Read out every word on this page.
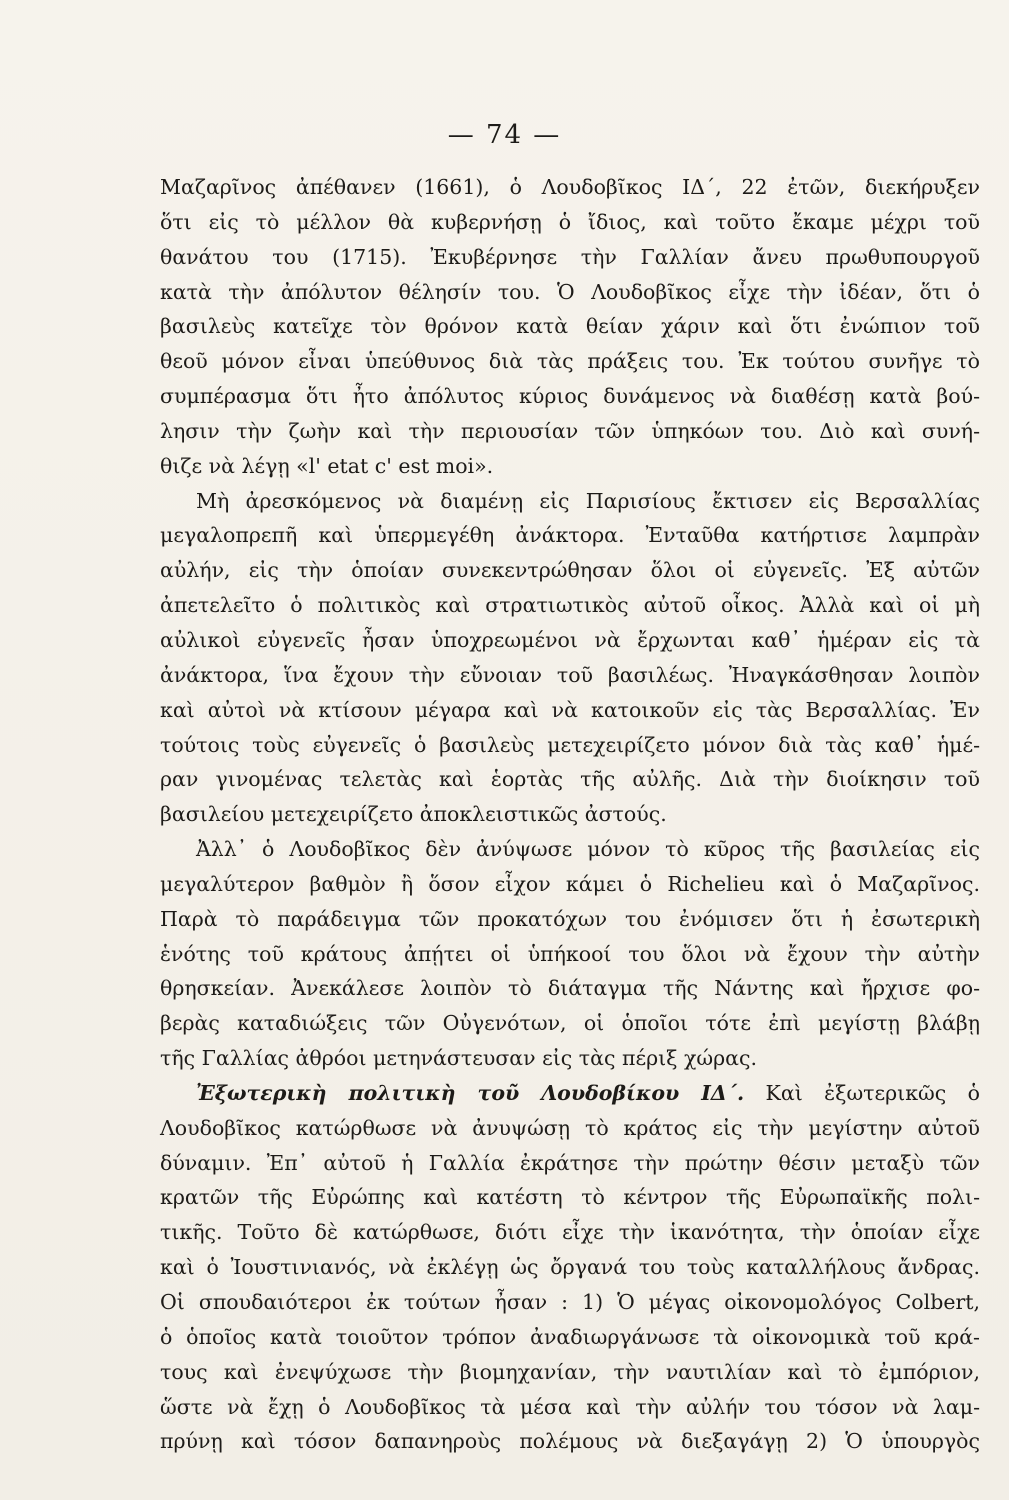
— 74 —
Μαζαρῖνος ἀπέθανεν (1661), ὁ Λουδοβῖκος ΙΔ΄, 22 ἐτῶν, διεκήρυξεν
ὅτι εἰς τὸ μέλλον θὰ κυβερνήσῃ ὁ ἴδιος, καὶ τοῦτο ἔκαμε μέχρι τοῦ
θανάτου του (1715). Ἐκυβέρνησε τὴν Γαλλίαν ἄνευ πρωθυπουργοῦ
κατὰ τὴν ἀπόλυτον θέλησίν του. Ὁ Λουδοβῖκος εἶχε τὴν ἰδέαν, ὅτι ὁ
βασιλεὺς κατεῖχε τὸν θρόνον κατὰ θείαν χάριν καὶ ὅτι ἐνώπιον τοῦ
θεοῦ μόνον εἶναι ὑπεύθυνος διὰ τὰς πράξεις του. Ἐκ τούτου συνῆγε τὸ
συμπέρασμα ὅτι ἦτο ἀπόλυτος κύριος δυνάμενος νὰ διαθέσῃ κατὰ βού-
λησιν τὴν ζωὴν καὶ τὴν περιουσίαν τῶν ὑπηκόων του. Διὸ καὶ συνή-
θιζε νὰ λέγῃ «l' etat c' est moi».
Μὴ ἀρεσκόμενος νὰ διαμένῃ εἰς Παρισίους ἔκτισεν εἰς Βερσαλλίας
μεγαλοπρεπῆ καὶ ὑπερμεγέθη ἀνάκτορα. Ἐνταῦθα κατήρτισε λαμπρὰν
αὐλήν, εἰς τὴν ὁποίαν συνεκεντρώθησαν ὅλοι οἱ εὐγενεῖς. Ἐξ αὐτῶν
ἀπετελεῖτο ὁ πολιτικὸς καὶ στρατιωτικὸς αὐτοῦ οἶκος. Ἀλλὰ καὶ οἱ μὴ
αὐλικοὶ εὐγενεῖς ἦσαν ὑποχρεωμένοι νὰ ἔρχωνται καθ᾽ ἡμέραν εἰς τὰ
ἀνάκτορα, ἵνα ἔχουν τὴν εὔνοιαν τοῦ βασιλέως. Ἠναγκάσθησαν λοιπὸν
καὶ αὐτοὶ νὰ κτίσουν μέγαρα καὶ νὰ κατοικοῦν εἰς τὰς Βερσαλλίας. Ἐν
τούτοις τοὺς εὐγενεῖς ὁ βασιλεὺς μετεχειρίζετο μόνον διὰ τὰς καθ᾽ ἡμέ-
ραν γινομένας τελετὰς καὶ ἑορτὰς τῆς αὐλῆς. Διὰ τὴν διοίκησιν τοῦ
βασιλείου μετεχειρίζετο ἀποκλειστικῶς ἀστούς.
Ἀλλ᾽ ὁ Λουδοβῖκος δὲν ἀνύψωσε μόνον τὸ κῦρος τῆς βασιλείας εἰς
μεγαλύτερον βαθμὸν ἢ ὅσον εἶχον κάμει ὁ Richelieu καὶ ὁ Μαζαρῖνος.
Παρὰ τὸ παράδειγμα τῶν προκατόχων του ἐνόμισεν ὅτι ἡ ἐσωτερικὴ
ἑνότης τοῦ κράτους ἀπῄτει οἱ ὑπήκοοί του ὅλοι νὰ ἔχουν τὴν αὐτὴν
θρησκείαν. Ἀνεκάλεσε λοιπὸν τὸ διάταγμα τῆς Νάντης καὶ ἤρχισε φο-
βερὰς καταδιώξεις τῶν Οὐγενότων, οἱ ὁποῖοι τότε ἐπὶ μεγίστῃ βλάβῃ
τῆς Γαλλίας ἀθρόοι μετηνάστευσαν εἰς τὰς πέριξ χώρας.
Ἐξωτερικὴ πολιτικὴ τοῦ Λουδοβίκου ΙΔ΄. Καὶ ἐξωτερικῶς ὁ
Λουδοβῖκος κατώρθωσε νὰ ἀνυψώσῃ τὸ κράτος εἰς τὴν μεγίστην αὐτοῦ
δύναμιν. Ἐπ᾽ αὐτοῦ ἡ Γαλλία ἐκράτησε τὴν πρώτην θέσιν μεταξὺ τῶν
κρατῶν τῆς Εὐρώπης καὶ κατέστη τὸ κέντρον τῆς Εὐρωπαϊκῆς πολι-
τικῆς. Τοῦτο δὲ κατώρθωσε, διότι εἶχε τὴν ἱκανότητα, τὴν ὁποίαν εἶχε
καὶ ὁ Ἰουστινιανός, νὰ ἐκλέγῃ ὡς ὄργανά του τοὺς καταλλήλους ἄνδρας.
Οἱ σπουδαιότεροι ἐκ τούτων ἦσαν : 1) Ὁ μέγας οἰκονομολόγος Colbert,
ὁ ὁποῖος κατὰ τοιοῦτον τρόπον ἀναδιωργάνωσε τὰ οἰκονομικὰ τοῦ κρά-
τους καὶ ἐνεψύχωσε τὴν βιομηχανίαν, τὴν ναυτιλίαν καὶ τὸ ἐμπόριον,
ὥστε νὰ ἔχῃ ὁ Λουδοβῖκος τὰ μέσα καὶ τὴν αὐλήν του τόσον νὰ λαμ-
πρύνῃ καὶ τόσον δαπανηροὺς πολέμους νὰ διεξαγάγῃ 2) Ὁ ὑπουργὸς
